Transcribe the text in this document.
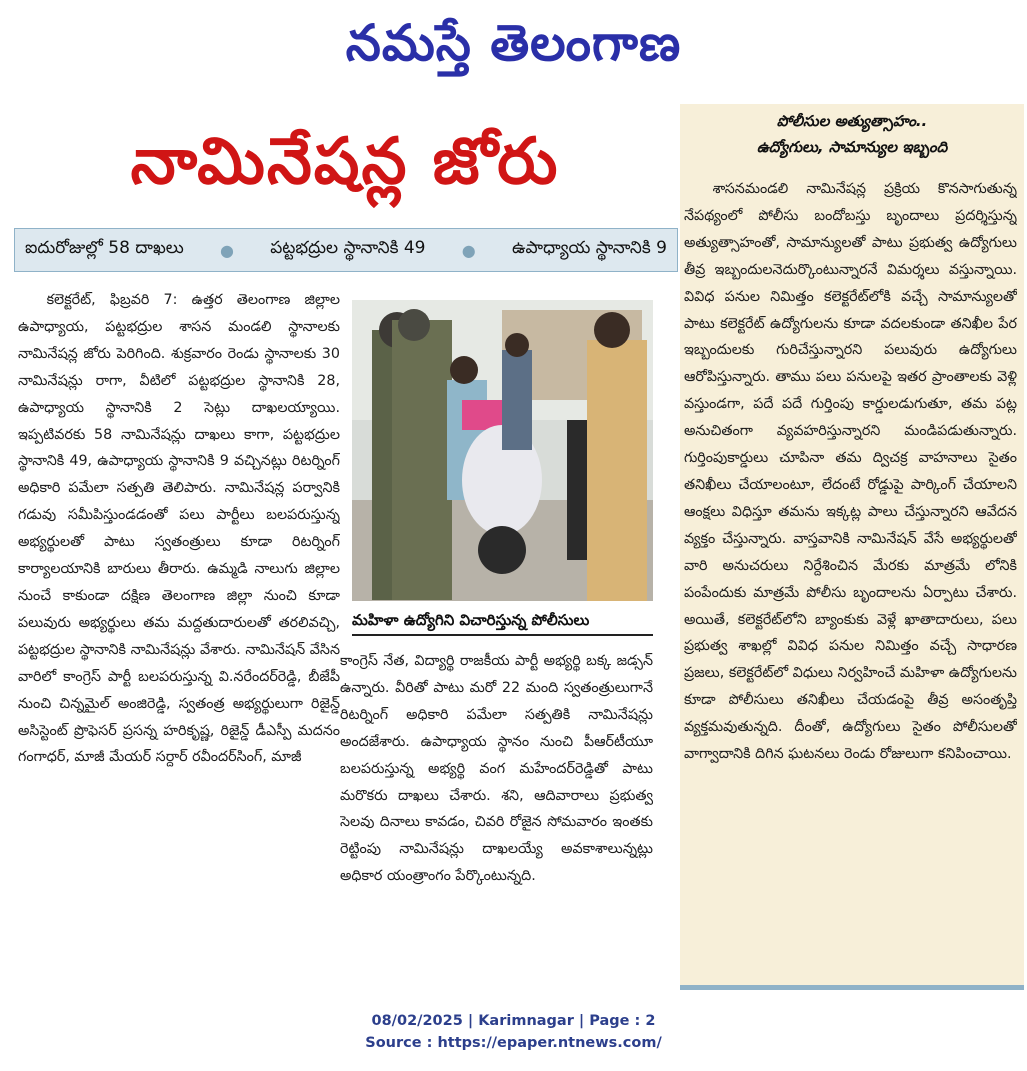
నమస్తే తెలంగాణ
నామినేషన్ల జోరు
ఐదురోజుల్లో 58 దాఖలు	●	పట్టభద్రుల స్థానానికి 49	●	ఉపాధ్యాయ స్థానానికి 9

కలెక్టరేట్, ఫిబ్రవరి 7: ఉత్తర తెలంగాణ జిల్లాల ఉపాధ్యాయ, పట్టభద్రుల శాసన మండలి స్థానాలకు నామినేషన్ల జోరు పెరిగింది. శుక్రవారం రెండు స్థానాలకు 30 నామినేషన్లు రాగా, వీటిలో పట్టభద్రుల స్థానానికి 28, ఉపాధ్యాయ స్థానానికి 2 సెట్లు దాఖలయ్యాయి. ఇప్పటివరకు 58 నామినేషన్లు దాఖలు కాగా, పట్టభద్రుల స్థానానికి 49, ఉపాధ్యాయ స్థానానికి 9 వచ్చినట్లు రిటర్నింగ్ అధికారి పమేలా సత్పతి తెలిపారు. నామినేషన్ల పర్వానికి గడువు సమీపిస్తుండడంతో పలు పార్టీలు బలపరుస్తున్న అభ్యర్థులతో పాటు స్వతంత్రులు కూడా రిటర్నింగ్ కార్యాలయానికి బారులు తీరారు. ఉమ్మడి నాలుగు జిల్లాల నుంచే కాకుండా దక్షిణ తెలంగాణ జిల్లా నుంచి కూడా పలువురు అభ్యర్థులు తమ మద్దతుదారులతో తరలివచ్చి, పట్టభద్రుల స్థానానికి నామినేషన్లు వేశారు. నామినేషన్ వేసిన వారిలో కాంగ్రెస్ పార్టీ బలపరుస్తున్న వి.నరేందర్‌రెడ్డి, బీజేపీ నుంచి చిన్నమైల్ అంజిరెడ్డి, స్వతంత్ర అభ్యర్థులుగా రిజైన్డ్ అసిస్టెంట్ ప్రొఫెసర్ ప్రసన్న హరికృష్ణ, రిజైన్డ్ డీఎస్పీ మదనం గంగాధర్, మాజీ మేయర్ సర్దార్ రవీందర్‌సింగ్, మాజీ

మహిళా ఉద్యోగిని విచారిస్తున్న పోలీసులు

కాంగ్రెస్ నేత, విద్యార్థి రాజకీయ పార్టీ అభ్యర్థి బక్క జడ్సన్ ఉన్నారు. వీరితో పాటు మరో 22 మంది స్వతంత్రులుగానే రిటర్నింగ్ అధికారి పమేలా సత్పతికి నామినేషన్లు అందజేశారు. ఉపాధ్యాయ స్థానం నుంచి పీఆర్‌టీయూ బలపరుస్తున్న అభ్యర్థి వంగ మహేందర్‌రెడ్డితో పాటు మరొకరు దాఖలు చేశారు. శని, ఆదివారాలు ప్రభుత్వ సెలవు దినాలు కావడం, చివరి రోజైన సోమవారం ఇంతకు రెట్టింపు నామినేషన్లు దాఖలయ్యే అవకాశాలున్నట్లు అధికార యంత్రాంగం పేర్కొంటున్నది.

పోలీసుల అత్యుత్సాహం..
ఉద్యోగులు, సామాన్యుల ఇబ్బంది

శాసనమండలి నామినేషన్ల ప్రక్రియ కొనసాగుతున్న నేపథ్యంలో పోలీసు బందోబస్తు బృందాలు ప్రదర్శిస్తున్న అత్యుత్సాహంతో, సామాన్యులతో పాటు ప్రభుత్వ ఉద్యోగులు తీవ్ర ఇబ్బందులనెదుర్కొంటున్నారనే విమర్శలు వస్తున్నాయి. వివిధ పనుల నిమిత్తం కలెక్టరేట్‌లోకి వచ్చే సామాన్యులతో పాటు కలెక్టరేట్ ఉద్యోగులను కూడా వదలకుండా తనిఖీల పేర ఇబ్బందులకు గురిచేస్తున్నారని పలువురు ఉద్యోగులు ఆరోపిస్తున్నారు. తాము పలు పనులపై ఇతర ప్రాంతాలకు వెళ్లి వస్తుండగా, పదే పదే గుర్తింపు కార్డులడుగుతూ, తమ పట్ల అనుచితంగా వ్యవహరిస్తున్నారని మండిపడుతున్నారు. గుర్తింపుకార్డులు చూపినా తమ ద్విచక్ర వాహనాలు సైతం తనిఖీలు చేయాలంటూ, లేదంటే రోడ్డుపై పార్కింగ్ చేయాలని ఆంక్షలు విధిస్తూ తమను ఇక్కట్ల పాలు చేస్తున్నారని ఆవేదన వ్యక్తం చేస్తున్నారు. వాస్తవానికి నామినేషన్ వేసే అభ్యర్థులతో వారి అనుచరులు నిర్దేశించిన మేరకు మాత్రమే లోనికి పంపేందుకు మాత్రమే పోలీసు బృందాలను ఏర్పాటు చేశారు. అయితే, కలెక్టరేట్‌లోని బ్యాంకుకు వెళ్లే ఖాతాదారులు, పలు ప్రభుత్వ శాఖల్లో వివిధ పనుల నిమిత్తం వచ్చే సాధారణ ప్రజలు, కలెక్టరేట్‌లో విధులు నిర్వహించే మహిళా ఉద్యోగులను కూడా పోలీసులు తనిఖీలు చేయడంపై తీవ్ర అసంతృప్తి వ్యక్తమవుతున్నది. దీంతో, ఉద్యోగులు సైతం పోలీసులతో వాగ్వాదానికి దిగిన ఘటనలు రెండు రోజులుగా కనిపించాయి.

08/02/2025 | Karimnagar | Page : 2
Source : https://epaper.ntnews.com/
